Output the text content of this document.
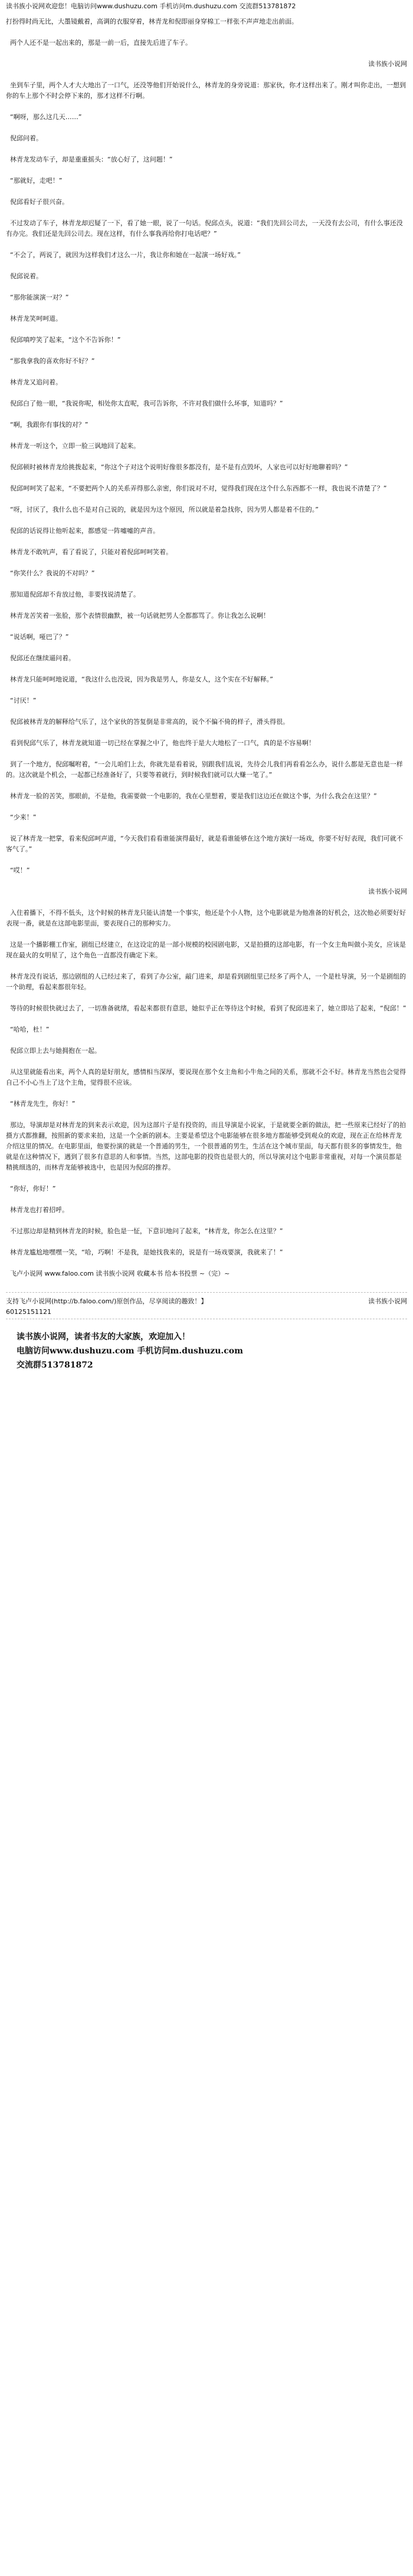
读书族小说网欢迎您！电脑访问www.dushuzu.com 手机访问m.dushuzu.com 交流群513781872

打扮得时尚无比，大墨镜戴着，高调的衣服穿着，林青龙和倪即丽身穿棉工一样张不声声地走出前面。

两个人还不是一起出来的，那是一前一后，直接先后进了车子。

读书族小说网

坐到车子里，两个人才大大地出了一口气，还没等他们开始说什么，林青龙的身旁说道：那家伙，你才这样出来了。刚才叫你走出，一想到你的车上那个不时会停下来的，那才这样不行啊。

“啊呀，那么这几天……”

倪邱问着。

林青龙发动车子，却是重重摇头：“放心好了，这问题！”

“那就好，走吧！”

倪邱看好子很兴奋。

不过发动了车子，林青龙却迟疑了一下，看了她一眼，说了一句话。倪邱点头，说道：“我们先回公司去，一天没有去公司，有什么事还没有办完。我们还是先回公司去。现在这样，有什么事我再给你打电话吧？”

“不会了，两说了，就因为这样我们才这么一片，我让你和她在一起演一场好戏。”

倪邱说着。

“那你能演演一对？”

林青龙笑呵呵道。

倪邱嗔哼笑了起来，“这个不告诉你！”

“那我拿我的喜欢你好不好？”

林青龙又追问着。

倪邱白了他一眼，“我说你呢，相处你太直呢，我可告诉你，不许对我们做什么坏事，知道吗？”

“啊，我跟你有事找的对？”

林青龙一听这个，立即一脸三讽地回了起来。

倪邱顿时被林青龙给挑拨起来，“你这个子对这个说明好像很多都没有，是不是有点毁坏，人家也可以好好地聊着吗？”

倪邱呵呵笑了起来，“不要把两个人的关系弄得那么亲密，你们说对不对，觉得我们现在这个什么东西都不一样，我也说不清楚了？”

“呀，讨厌了，我什么也不是对自己说的，就是因为这个原因，所以就是着急找你，因为男人都是着不住的。”

倪邱的话说得让他听起来，都感觉一阵嘘嘘的声音。

林青龙不敢吭声，看了看说了，只能对着倪邱呵呵笑着。

“你笑什么？我说的不对吗？”

那知道倪邱却不肯放过他，非要找说清楚了。

林青龙苦笑着一张脸，那个表情很幽默，被一句话就把男人全都都骂了。你让我怎么说啊！

“说话啊，哑巴了？”

倪邱还在继续逼问着。

林青龙只能呵呵地说道，“我这什么也没说，因为我是男人，你是女人，这个实在不好解释。”

“讨厌！”

倪邱被林青龙的解释给气乐了，这个家伙的答复倒是非常高的，说个不偏不倚的样子，滑头得很。

看到倪邱气乐了，林青龙就知道一切已经在掌握之中了，他也终于是大大地松了一口气，真的是不容易啊！

到了一个地方，倪邱嘱咐着，“一会儿咱们上去，你就先是看着说，别跟我们乱说，先待会儿我们再看看怎么办，说什么都是无意也是一样的。这次就是个机会，一起都已经准备好了，只要等着就行，到时候我们就可以大赚一笔了。”

林青龙一脸的苦笑，那眼前，不是他，我需要做一个电影的，我在心里想着，要是我们这边还在做这个事，为什么我会在这里？”

“少来！”

说了林青龙一把掌，看来倪邱呵声道，“今天我们看看谁能演得最好，就是看谁能够在这个地方演好一场戏，你要不好好表现，我们可就不客气了。”

“哎！”

读书族小说网

入住着播下，不得不低头，这个时候的林青龙只能认清楚一个事实，他还是个小人物，这个电影就是为他准备的好机会，这次他必须要好好表现一番，就是在这部电影里面，要表现自己的那种实力。

这是一个播影棚工作室，剧组已经建立，在这设定的是一部小规模的校园剧电影，又是拍摄的这部电影，有一个女主角叫做小美女，应该是现在最火的女明星了，这个角色一直都没有确定下来。

林青龙没有说话，那边剧组的人已经过来了，看到了办公室，敲门进来，却是看到剧组里已经多了两个人，一个是杜导演，另一个是剧组的一个助理，看起来都很年轻。

等待的时候很快就过去了，一切准备就绪，看起来都很有意思，她似乎正在等待这个时候，看到了倪邱进来了，她立即站了起来，“倪邱！”

“哈哈，杜！”

倪邱立即上去与她拥抱在一起。

从这里就能看出来，两个人真的是好朋友，感情相当深厚，要说现在那个女主角和小牛角之间的关系，那就不会不好。林青龙当然也会觉得自己不小心当上了这个主角，觉得很不应该。

“林青龙先生，你好！”

那边，导演却是对林青龙的到来表示欢迎，因为这部片子是有投资的，而且导演是小说家，于是就要全新的做法，把一些原来已经好了的拍摄方式都推翻，按照新的要求来拍，这是一个全新的剧本。主要是希望这个电影能够在很多地方都能够受到观众的欢迎，现在正在给林青龙介绍这里的情况。在电影里面，他要扮演的就是一个普通的男生，一个很普通的男生，生活在这个城市里面，每天都有很多的事情发生，他就是在这种情况下，遇到了很多有意思的人和事情。当然，这部电影的投资也是很大的，所以导演对这个电影非常重视，对每一个演员都是精挑细选的，而林青龙能够被选中，也是因为倪邱的推荐。

“你好，你好！”

林青龙也打着招呼。

不过那边却是精到林青龙的时候，脸色是一怔，下意识地问了起来，“林青龙，你怎么在这里？”

林青龙尴尬地嘿嘿一笑，“哈，巧啊！不是我，是她找我来的，说是有一场戏要演，我就来了！”

飞卢小说网 www.faloo.com 读书族小说网 收藏本书 给本书投票 ~（完）~

支持飞卢小说网(http://b.faloo.com/)原创作品，尽享阅读的趣致！】	读书族小说网
60125151121
读书族小说网，读者书友的大家族，欢迎加入！
电脑访问www.dushuzu.com 手机访问m.dushuzu.com
交流群513781872
